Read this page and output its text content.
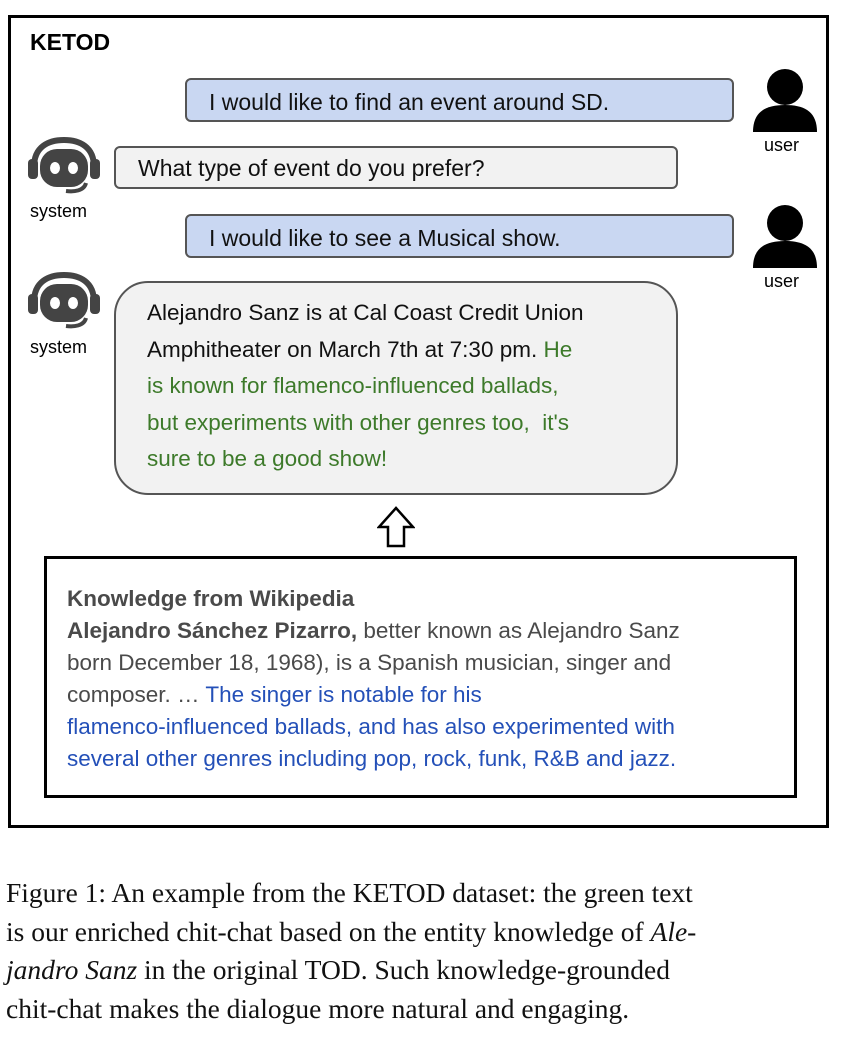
KETOD
I would like to find an event around SD.
user
system
What type of event do you prefer?
I would like to see a Musical show.
user
system
Alejandro Sanz is at Cal Coast Credit Union
Amphitheater on March 7th at 7:30 pm. He
is known for flamenco-influenced ballads,
but experiments with other genres too,  it's
sure to be a good show!
Knowledge from Wikipedia
Alejandro Sánchez Pizarro, better known as Alejandro Sanz
born December 18, 1968), is a Spanish musician, singer and
composer. … The singer is notable for his
flamenco-influenced ballads, and has also experimented with
several other genres including pop, rock, funk, R&B and jazz.
Figure 1: An example from the KETOD dataset: the green text
is our enriched chit-chat based on the entity knowledge of Ale-
jandro Sanz in the original TOD. Such knowledge-grounded
chit-chat makes the dialogue more natural and engaging.
